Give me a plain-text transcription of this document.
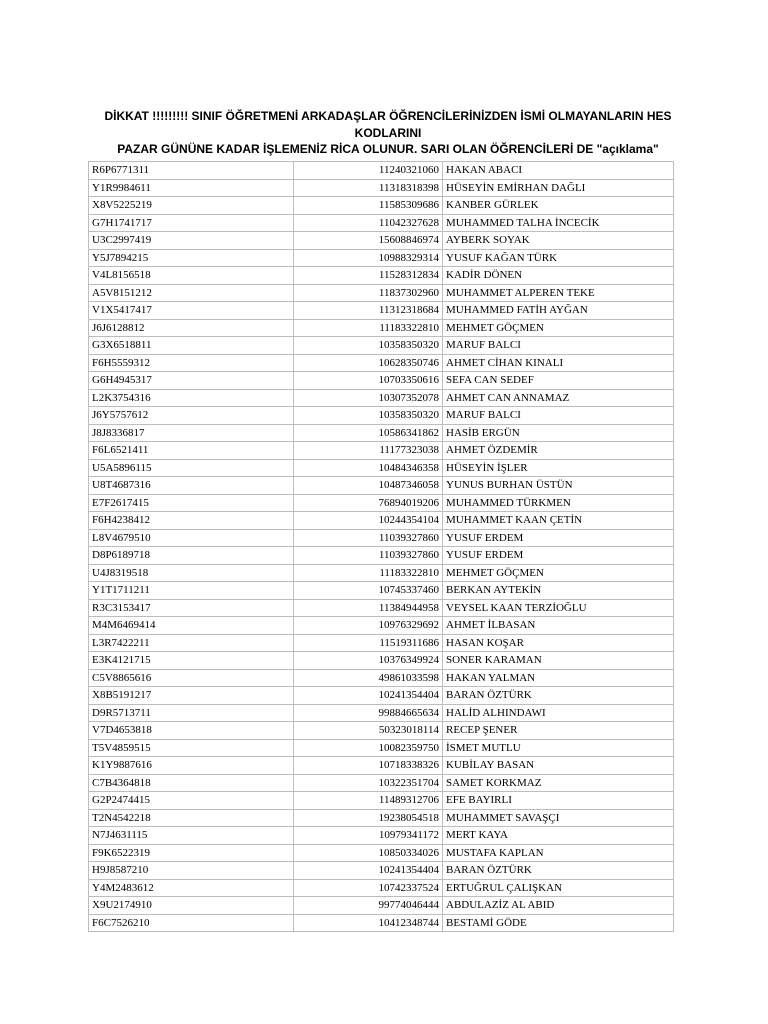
DİKKAT !!!!!!!!! SINIF ÖĞRETMENİ ARKADAŞLAR ÖĞRENCİLERİNİZDEN İSMİ OLMAYANLARIN HES KODLARINI
PAZAR GÜNÜNE KADAR İŞLEMENİZ RİCA OLUNUR. SARI OLAN ÖĞRENCİLERİ DE "açıklama"

R6P6771311	11240321060	HAKAN ABACI
Y1R9984611	11318318398	HÜSEYİN EMİRHAN DAĞLI
X8V5225219	11585309686	KANBER GÜRLEK
G7H1741717	11042327628	MUHAMMED TALHA İNCECİK
U3C2997419	15608846974	AYBERK SOYAK
Y5J7894215	10988329314	YUSUF KAĞAN TÜRK
V4L8156518	11528312834	KADİR DÖNEN
A5V8151212	11837302960	MUHAMMET ALPEREN TEKE
V1X5417417	11312318684	MUHAMMED FATİH AYĞAN
J6J6128812	11183322810	MEHMET GÖÇMEN
G3X6518811	10358350320	MARUF BALCI
F6H5559312	10628350746	AHMET CİHAN KINALI
G6H4945317	10703350616	SEFA CAN SEDEF
L2K3754316	10307352078	AHMET CAN ANNAMAZ
J6Y5757612	10358350320	MARUF BALCI
J8J8336817	10586341862	HASİB ERGÜN
F6L6521411	11177323038	AHMET ÖZDEMİR
U5A5896115	10484346358	HÜSEYİN İŞLER
U8T4687316	10487346058	YUNUS BURHAN ÜSTÜN
E7F2617415	76894019206	MUHAMMED TÜRKMEN
F6H4238412	10244354104	MUHAMMET KAAN ÇETİN
L8V4679510	11039327860	YUSUF ERDEM
D8P6189718	11039327860	YUSUF ERDEM
U4J8319518	11183322810	MEHMET GÖÇMEN
Y1T1711211	10745337460	BERKAN AYTEKİN
R3C3153417	11384944958	VEYSEL KAAN TERZİOĞLU
M4M6469414	10976329692	AHMET İLBASAN
L3R7422211	11519311686	HASAN KOŞAR
E3K4121715	10376349924	SONER KARAMAN
C5V8865616	49861033598	HAKAN YALMAN
X8B5191217	10241354404	BARAN ÖZTÜRK
D9R5713711	99884665634	HALİD ALHINDAWI
V7D4653818	50323018114	RECEP ŞENER
T5V4859515	10082359750	İSMET MUTLU
K1Y9887616	10718338326	KUBİLAY BASAN
C7B4364818	10322351704	SAMET KORKMAZ
G2P2474415	11489312706	EFE BAYIRLI
T2N4542218	19238054518	MUHAMMET SAVAŞÇI
N7J4631115	10979341172	MERT KAYA
F9K6522319	10850334026	MUSTAFA KAPLAN
H9J8587210	10241354404	BARAN ÖZTÜRK
Y4M2483612	10742337524	ERTUĞRUL ÇALIŞKAN
X9U2174910	99774046444	ABDULAZİZ AL ABID
F6C7526210	10412348744	BESTAMİ GÖDE
